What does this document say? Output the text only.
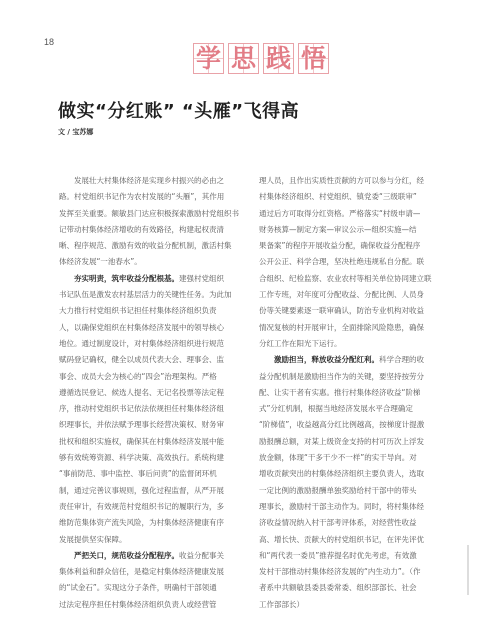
18
学 思 践 悟
做实“分红账” “头雁”飞得高
文 / 宝苏娜
发展壮大村集体经济是实现乡村振兴的必由之
路。村党组织书记作为农村发展的“头雁”，其作用
发挥至关重要。额敏县门达应积极探索激励村党组织书
记带动村集体经济增收的有效路径，构建起权责清
晰、程序规范、激励有效的收益分配机制，激活村集
体经济发展“一池春水”。
夯实明责，筑牢收益分配根基。建强村党组织
书记队伍是激发农村基层活力的关键性任务。为此加
大力推行村党组织书记担任村集体经济组织负责
人，以确保党组织在村集体经济发展中的领导核心
地位。通过制度设计，对村集体经济组织进行规范
赋码登记确权，健全以成员代表大会、理事会、监
事会、成员大会为核心的“四会”治理架构。严格
遵循选民登记、候选人提名、无记名投票等法定程
序，推动村党组织书记依法依规担任村集体经济组
织理事长，并依法赋予理事长经营决策权、财务审
批权和组织实施权，确保其在村集体经济发展中能
够有效统筹资源、科学决策、高效执行。系统构建
“事前防范、事中监控、事后问责”的监督闭环机
制，通过完善议事规则，强化过程监督，从严开展
责任审计，有效规范村党组织书记的履职行为，多
维防范集体资产流失风险，为村集体经济健康有序
发展提供坚实保障。
严把关口，规范收益分配程序。收益分配事关
集体利益和群众信任，是稳定村集体经济健康发展
的“试金石”。实现这分子条件，明确村干部领通
过法定程序担任村集体经济组织负责人或经营管
理人员，且作出实质性贡献的方可以参与分红，经
村集体经济组织、村党组织、镇党委“三级联审”
通过后方可取得分红资格。严格落实“村级申请—
财务核算—制定方案—审议公示—组织实施—结
果备案”的程序开展收益分配，确保收益分配程序
公开公正、科学合理，坚决杜绝违规私自分配。联
合组织、纪检监察、农业农村等相关单位协同建立联
工作专班，对年度可分配收益、分配比例、人员身
份等关键要素逐一联审确认，防治专业机构对收益
情况复核的村开展审计，全面排除风险隐患，确保
分红工作在阳光下运行。
激励担当，释放收益分配红利。科学合理的收
益分配机制是激励担当作为的关键，要坚持按劳分
配、让实干者有实惠。推行村集体经济收益“阶梯
式”分红机制，根据当地经济发展水平合理确定
“阶梯值”，收益越高分红比例越高，按梯度计提激
励报酬总额，对某上级资金支持的村可历次上浮发
放金额，体现“干多干少不一样”的实干导向。对
增收贡献突出的村集体经济组织主要负责人，选取
一定比例的激励报酬单独奖励给村干部中的带头
理事长，激励村干部主动作为。同时，将村集体经
济收益情况纳入村干部考评体系，对经营性收益
高、增长快、贡献大的村党组织书记，在评先评优
和“两代表一委员”推荐提名时优先考虑，有效激
发村干部推动村集体经济发展的“内生动力”。（作
者系中共额敏县委县委常委、组织部部长、社会
工作部部长）
